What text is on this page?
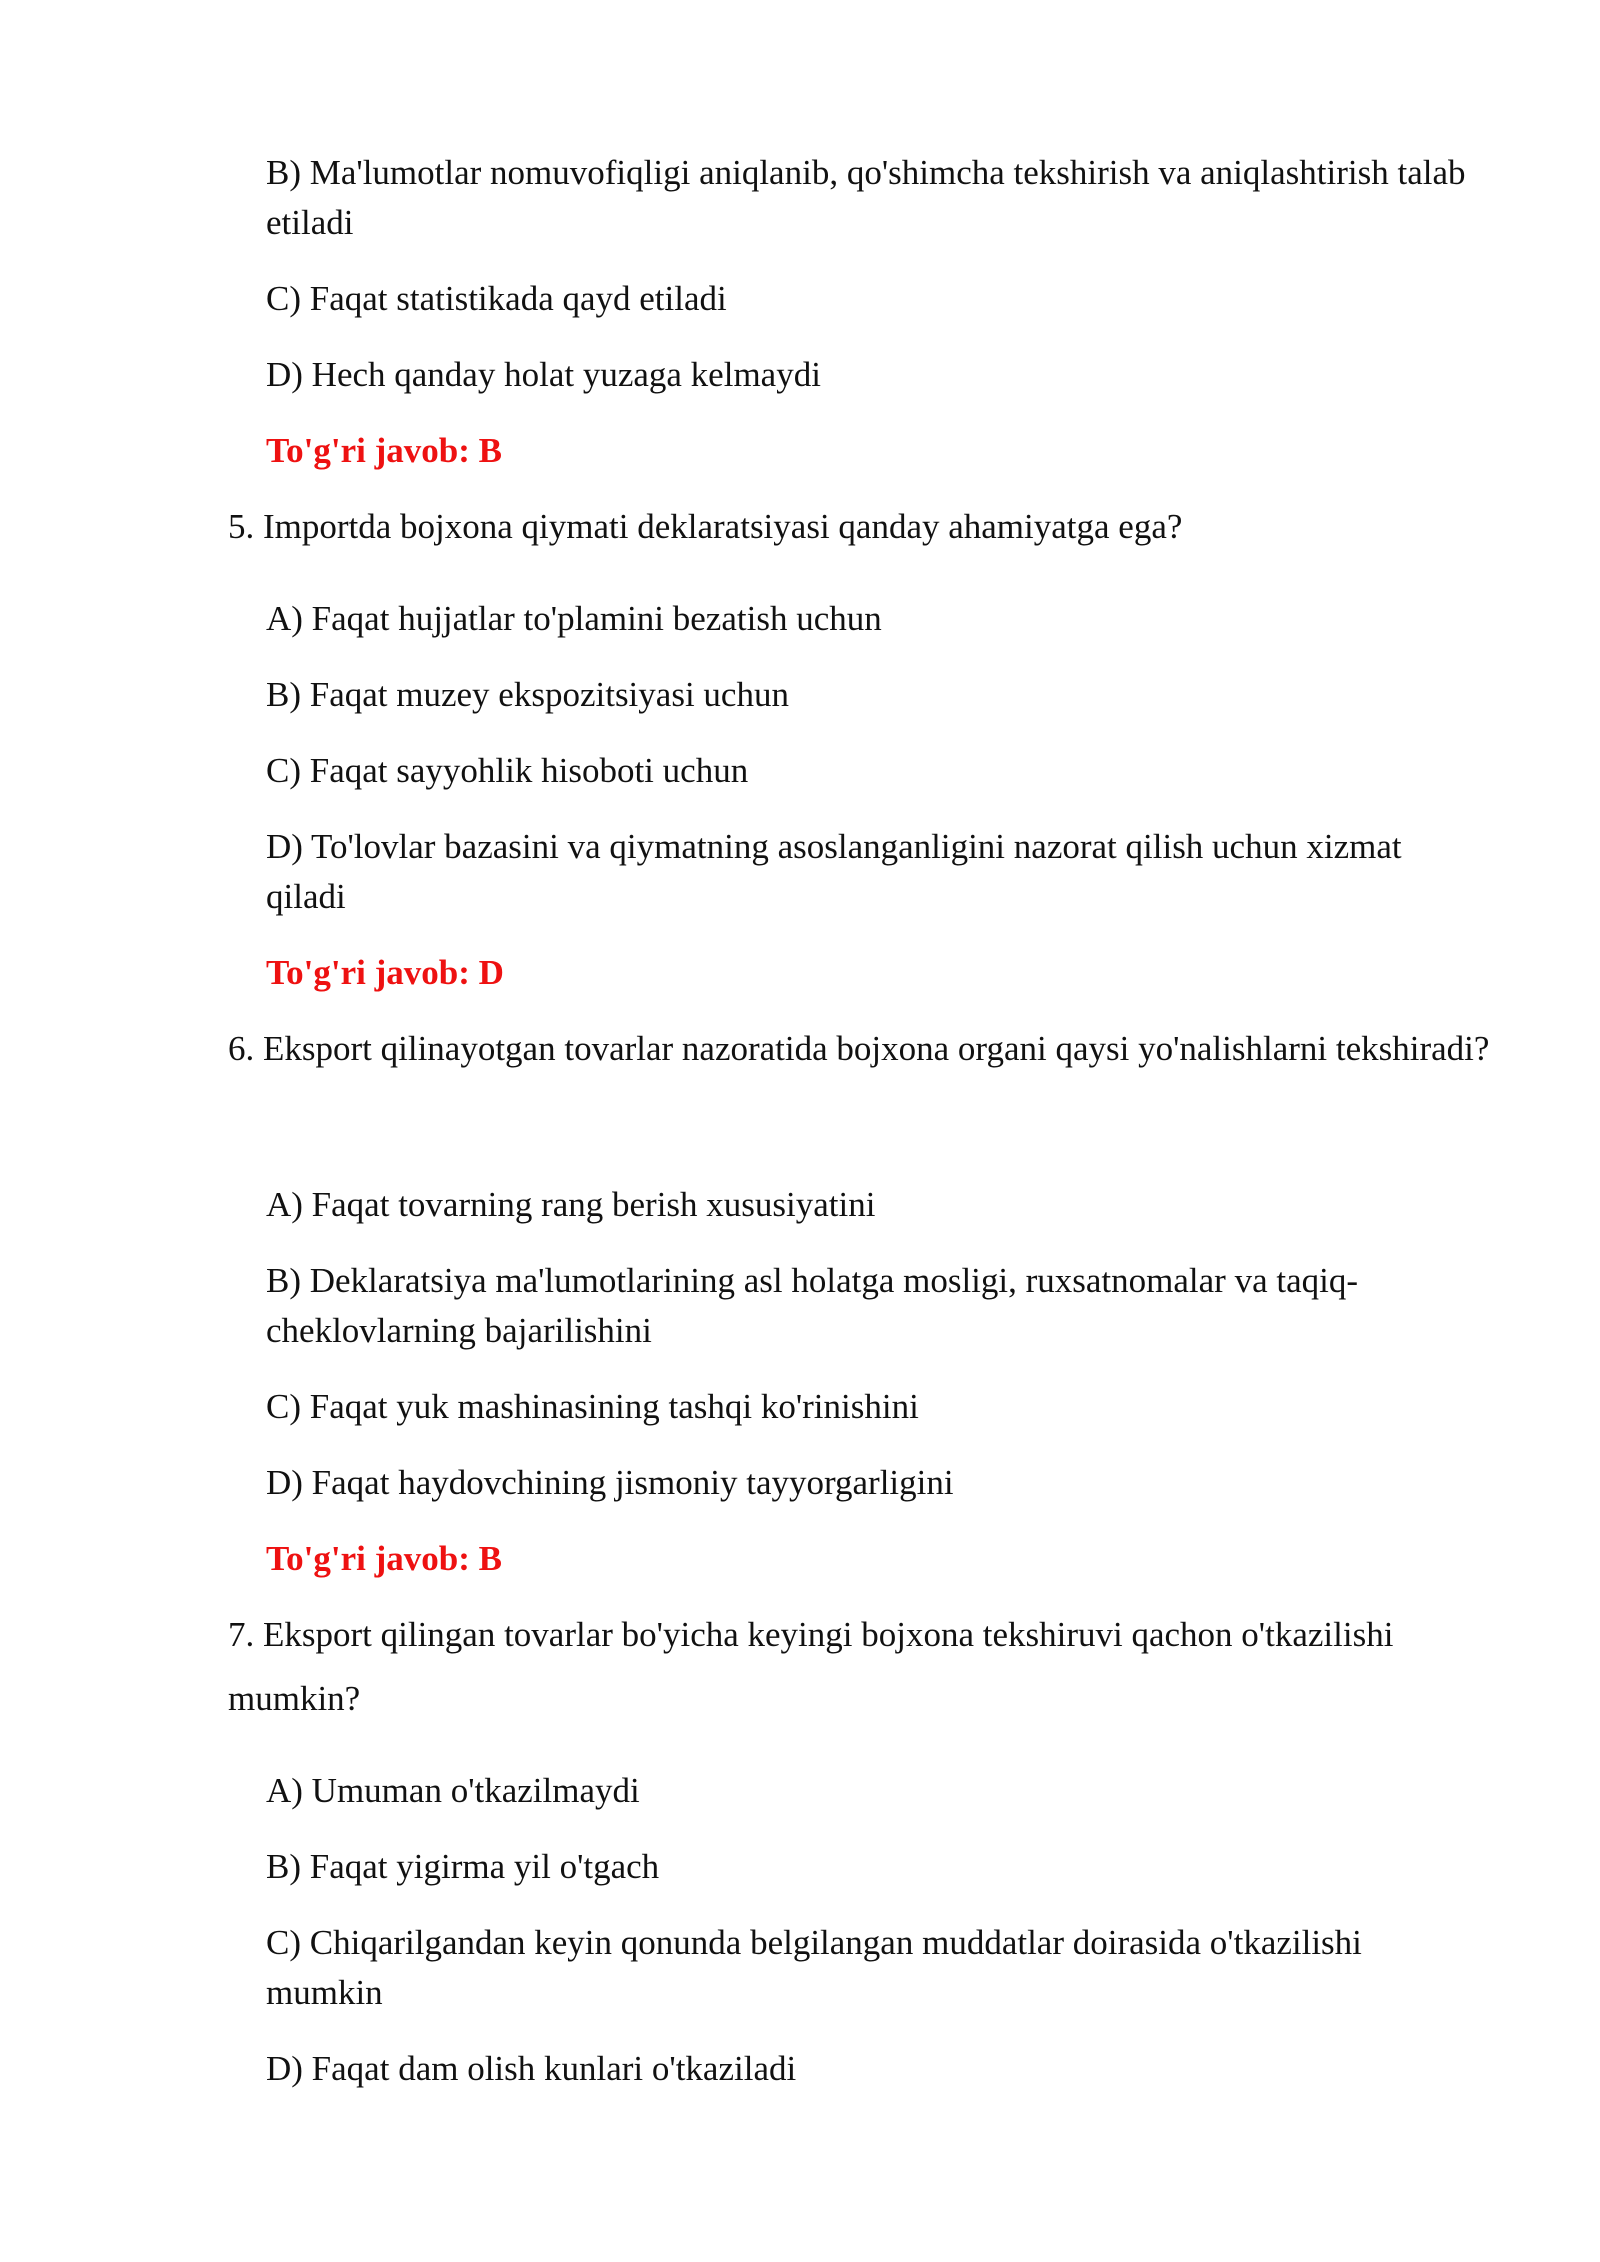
B) Ma'lumotlar nomuvofiqligi aniqlanib, qo'shimcha tekshirish va aniqlashtirish talab etiladi

C) Faqat statistikada qayd etiladi

D) Hech qanday holat yuzaga kelmaydi

To'g'ri javob: B

5. Importda bojxona qiymati deklaratsiyasi qanday ahamiyatga ega?

A) Faqat hujjatlar to'plamini bezatish uchun

B) Faqat muzey ekspozitsiyasi uchun

C) Faqat sayyohlik hisoboti uchun

D) To'lovlar bazasini va qiymatning asoslanganligini nazorat qilish uchun xizmat qiladi

To'g'ri javob: D

6. Eksport qilinayotgan tovarlar nazoratida bojxona organi qaysi yo'nalishlarni tekshiradi?

A) Faqat tovarning rang berish xususiyatini

B) Deklaratsiya ma'lumotlarining asl holatga mosligi, ruxsatnomalar va taqiq-cheklovlarning bajarilishini

C) Faqat yuk mashinasining tashqi ko'rinishini

D) Faqat haydovchining jismoniy tayyorgarligini

To'g'ri javob: B

7. Eksport qilingan tovarlar bo'yicha keyingi bojxona tekshiruvi qachon o'tkazilishi mumkin?

A) Umuman o'tkazilmaydi

B) Faqat yigirma yil o'tgach

C) Chiqarilgandan keyin qonunda belgilangan muddatlar doirasida o'tkazilishi mumkin

D) Faqat dam olish kunlari o'tkaziladi
